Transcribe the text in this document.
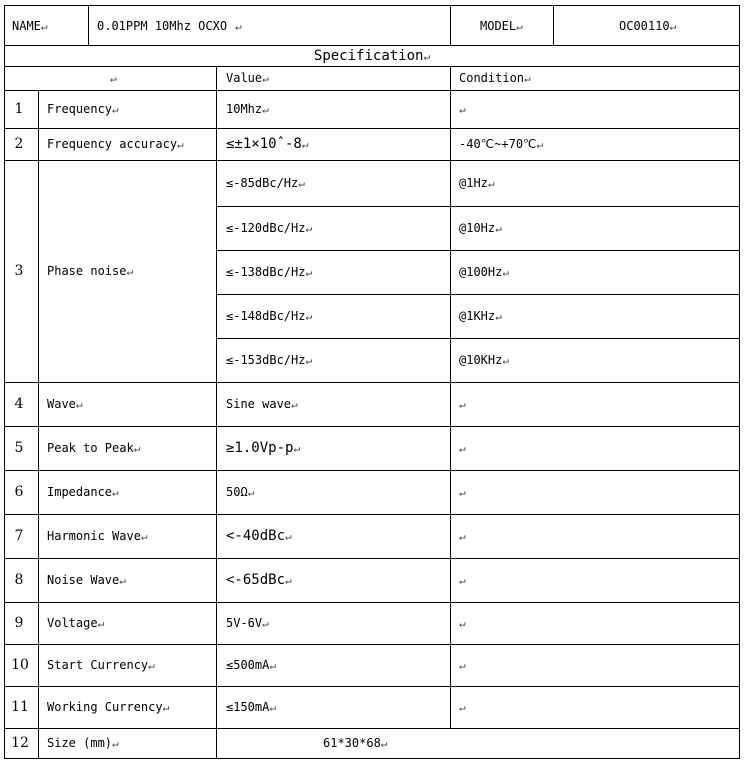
NAME↵	0.01PPM 10Mhz OCXO ↵	MODEL↵	OC00110↵
Specification↵
↵	Value↵	Condition↵
1	Frequency↵	10Mhz↵	↵
2	Frequency accuracy↵	≤±1×10ˆ-8↵	-40℃~+70℃↵
3	Phase noise↵
≤-85dBc/Hz↵	@1Hz↵
≤-120dBc/Hz↵	@10Hz↵
≤-138dBc/Hz↵	@100Hz↵
≤-148dBc/Hz↵	@1KHz↵
≤-153dBc/Hz↵	@10KHz↵
4	Wave↵	Sine wave↵	↵
5	Peak to Peak↵	≥1.0Vp-p↵	↵
6	Impedance↵	50Ω↵	↵
7	Harmonic Wave↵	<-40dBc↵	↵
8	Noise Wave↵	<-65dBc↵	↵
9	Voltage↵	5V-6V↵	↵
10	Start Currency↵	≤500mA↵	↵
11	Working Currency↵	≤150mA↵	↵
12	Size (mm)↵	61*30*68↵
